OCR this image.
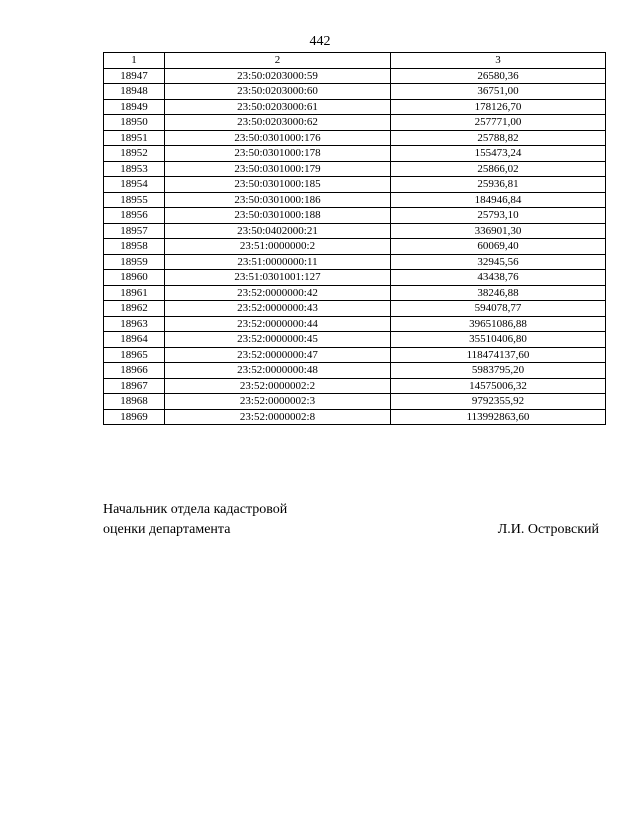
442
1	2	3
18947	23:50:0203000:59	26580,36
18948	23:50:0203000:60	36751,00
18949	23:50:0203000:61	178126,70
18950	23:50:0203000:62	257771,00
18951	23:50:0301000:176	25788,82
18952	23:50:0301000:178	155473,24
18953	23:50:0301000:179	25866,02
18954	23:50:0301000:185	25936,81
18955	23:50:0301000:186	184946,84
18956	23:50:0301000:188	25793,10
18957	23:50:0402000:21	336901,30
18958	23:51:0000000:2	60069,40
18959	23:51:0000000:11	32945,56
18960	23:51:0301001:127	43438,76
18961	23:52:0000000:42	38246,88
18962	23:52:0000000:43	594078,77
18963	23:52:0000000:44	39651086,88
18964	23:52:0000000:45	35510406,80
18965	23:52:0000000:47	118474137,60
18966	23:52:0000000:48	5983795,20
18967	23:52:0000002:2	14575006,32
18968	23:52:0000002:3	9792355,92
18969	23:52:0000002:8	113992863,60
Начальник отдела кадастровой
оценки департамента	Л.И. Островский
